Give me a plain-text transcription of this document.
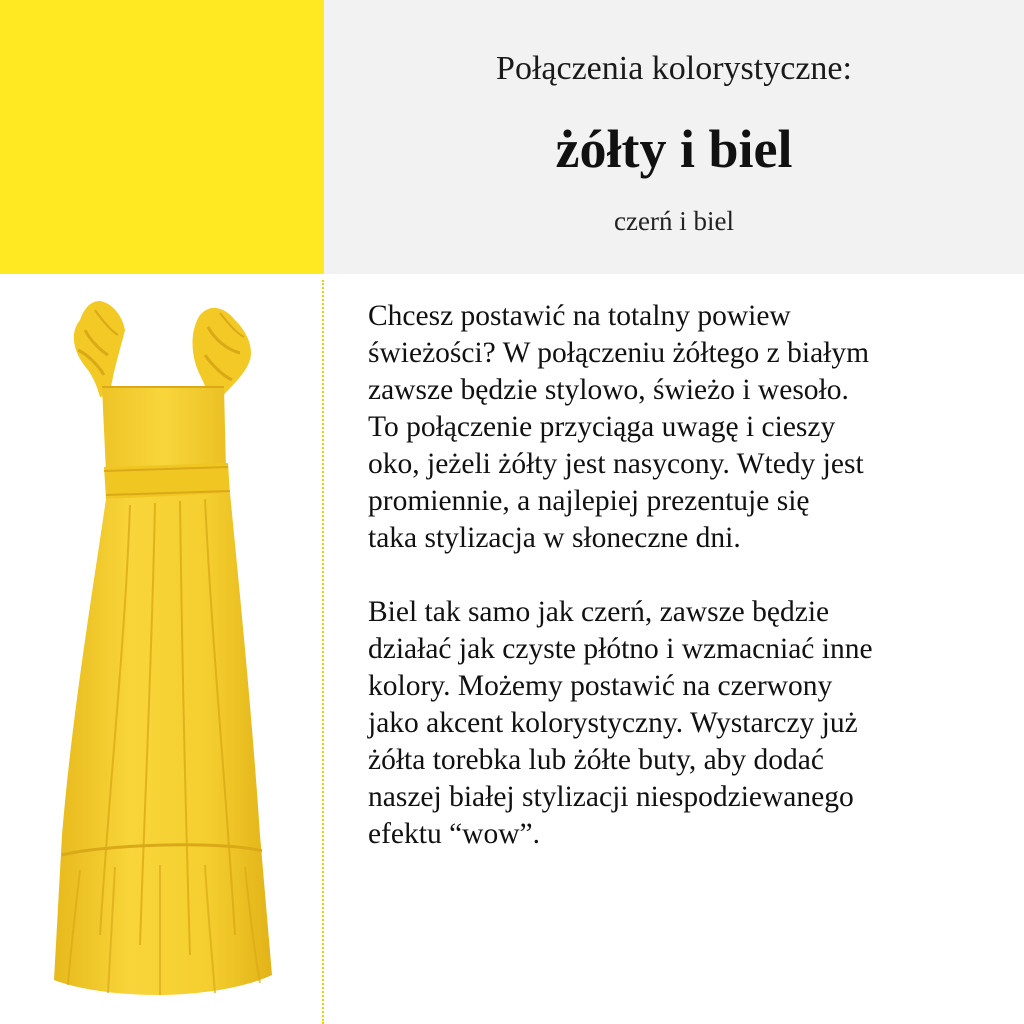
Połączenia kolorystyczne:
żółty i biel
czerń i biel

Chcesz postawić na totalny powiew
świeżości? W połączeniu żółtego z białym
zawsze będzie stylowo, świeżo i wesoło.
To połączenie przyciąga uwagę i cieszy
oko, jeżeli żółty jest nasycony. Wtedy jest
promiennie, a najlepiej prezentuje się
taka stylizacja w słoneczne dni.

Biel tak samo jak czerń, zawsze będzie
działać jak czyste płótno i wzmacniać inne
kolory. Możemy postawić na czerwony
jako akcent kolorystyczny. Wystarczy już
żółta torebka lub żółte buty, aby dodać
naszej białej stylizacji niespodziewanego
efektu “wow”.
